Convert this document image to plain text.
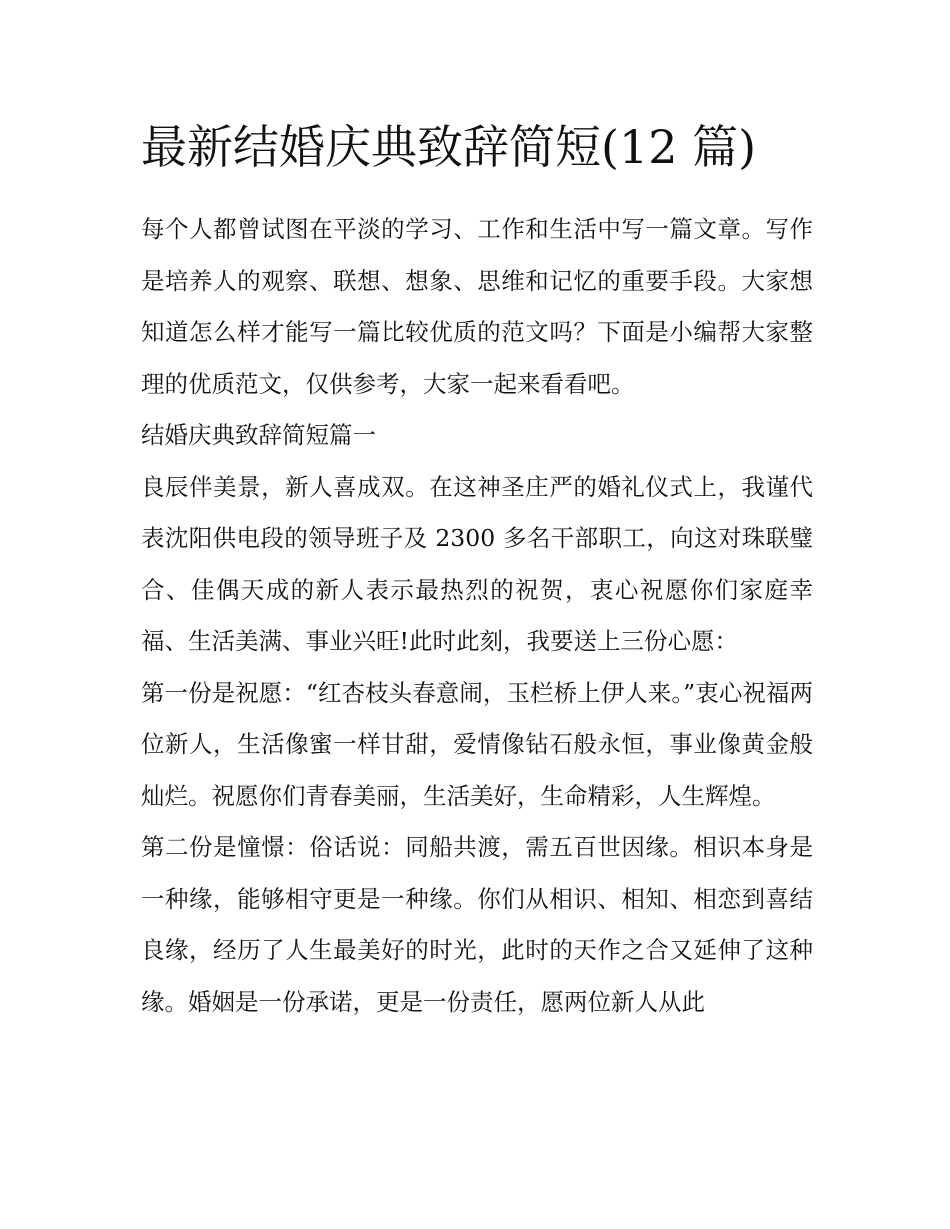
最新结婚庆典致辞简短(12 篇)

每个人都曾试图在平淡的学习、工作和生活中写一篇文章。写作是培养人的观察、联想、想象、思维和记忆的重要手段。大家想知道怎么样才能写一篇比较优质的范文吗？下面是小编帮大家整理的优质范文，仅供参考，大家一起来看看吧。

结婚庆典致辞简短篇一

良辰伴美景，新人喜成双。在这神圣庄严的婚礼仪式上，我谨代表沈阳供电段的领导班子及 2300 多名干部职工，向这对珠联璧合、佳偶天成的新人表示最热烈的祝贺，衷心祝愿你们家庭幸福、生活美满、事业兴旺!此时此刻，我要送上三份心愿：

第一份是祝愿：“红杏枝头春意闹，玉栏桥上伊人来。”衷心祝福两位新人，生活像蜜一样甘甜，爱情像钻石般永恒，事业像黄金般灿烂。祝愿你们青春美丽，生活美好，生命精彩，人生辉煌。

第二份是憧憬：俗话说：同船共渡，需五百世因缘。相识本身是一种缘，能够相守更是一种缘。你们从相识、相知、相恋到喜结良缘，经历了人生最美好的时光，此时的天作之合又延伸了这种缘。婚姻是一份承诺，更是一份责任，愿两位新人从此
